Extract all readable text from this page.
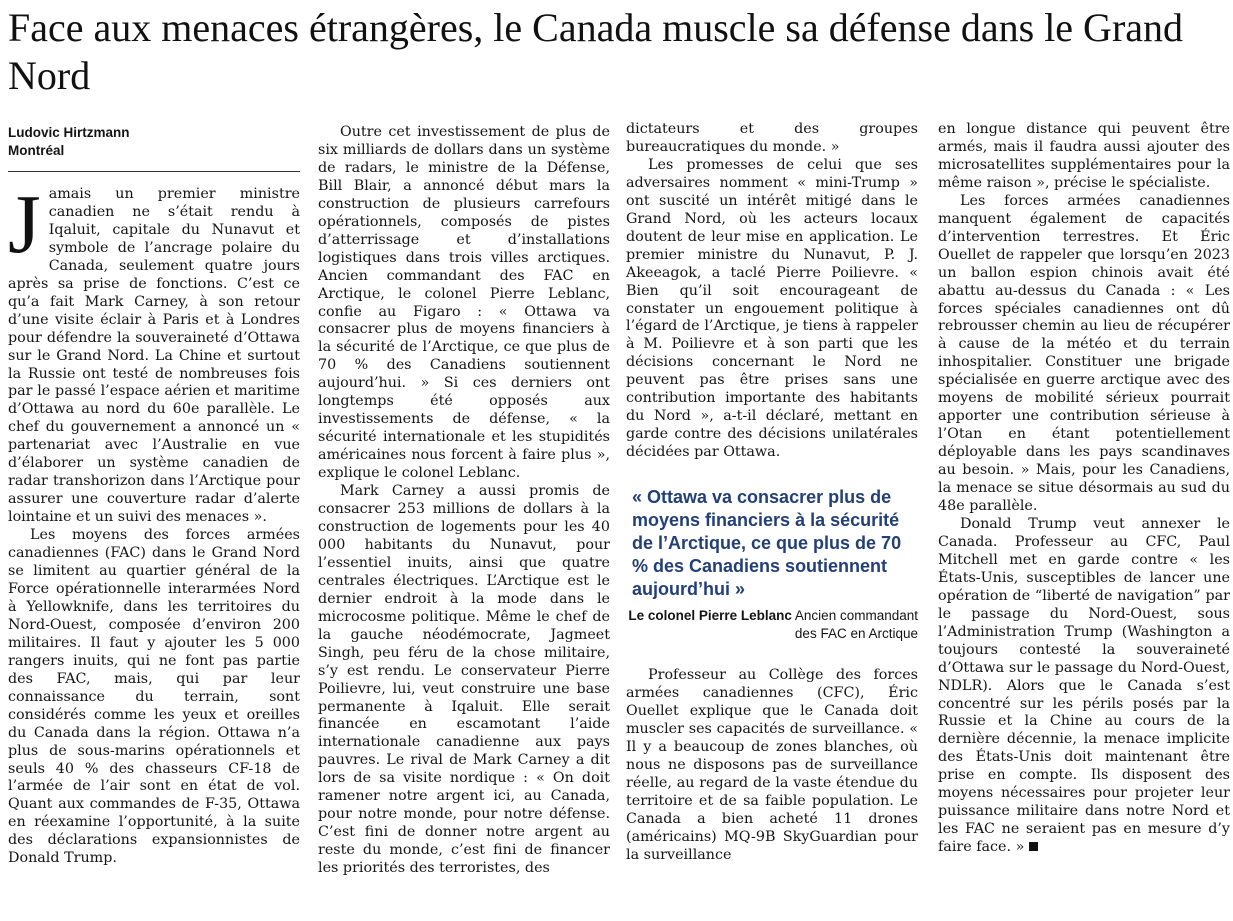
Face aux menaces étrangères, le Canada muscle sa défense dans le Grand Nord
Ludovic Hirtzmann
Montréal

Jamais un premier ministre canadien ne s’était rendu à Iqaluit, capitale du Nunavut et symbole de l’ancrage polaire du Canada, seulement quatre jours après sa prise de fonctions. C’est ce qu’a fait Mark Carney, à son retour d’une visite éclair à Paris et à Londres pour défendre la souveraineté d’Ottawa sur le Grand Nord. La Chine et surtout la Russie ont testé de nombreuses fois par le passé l’espace aérien et maritime d’Ottawa au nord du 60e parallèle. Le chef du gouvernement a annoncé un « partenariat avec l’Australie en vue d’élaborer un système canadien de radar transhorizon dans l’Arctique pour assurer une couverture radar d’alerte lointaine et un suivi des menaces ».

Les moyens des forces armées canadiennes (FAC) dans le Grand Nord se limitent au quartier général de la Force opérationnelle interarmées Nord à Yellowknife, dans les territoires du Nord-Ouest, composée d’environ 200 militaires. Il faut y ajouter les 5 000 rangers inuits, qui ne font pas partie des FAC, mais, qui par leur connaissance du terrain, sont considérés comme les yeux et oreilles du Canada dans la région. Ottawa n’a plus de sous-marins opérationnels et seuls 40 % des chasseurs CF-18 de l’armée de l’air sont en état de vol. Quant aux commandes de F-35, Ottawa en réexamine l’opportunité, à la suite des déclarations expansionnistes de Donald Trump.

Outre cet investissement de plus de six milliards de dollars dans un système de radars, le ministre de la Défense, Bill Blair, a annoncé début mars la construction de plusieurs carrefours opérationnels, composés de pistes d’atterrissage et d’installations logistiques dans trois villes arctiques. Ancien commandant des FAC en Arctique, le colonel Pierre Leblanc, confie au Figaro : « Ottawa va consacrer plus de moyens financiers à la sécurité de l’Arctique, ce que plus de 70 % des Canadiens soutiennent aujourd’hui. » Si ces derniers ont longtemps été opposés aux investissements de défense, « la sécurité internationale et les stupidités américaines nous forcent à faire plus », explique le colonel Leblanc.

Mark Carney a aussi promis de consacrer 253 millions de dollars à la construction de logements pour les 40 000 habitants du Nunavut, pour l’essentiel inuits, ainsi que quatre centrales électriques. L’Arctique est le dernier endroit à la mode dans le microcosme politique. Même le chef de la gauche néodémocrate, Jagmeet Singh, peu féru de la chose militaire, s’y est rendu. Le conservateur Pierre Poilievre, lui, veut construire une base permanente à Iqaluit. Elle serait financée en escamotant l’aide internationale canadienne aux pays pauvres. Le rival de Mark Carney a dit lors de sa visite nordique : « On doit ramener notre argent ici, au Canada, pour notre monde, pour notre défense. C’est fini de donner notre argent au reste du monde, c’est fini de financer les priorités des terroristes, des

dictateurs et des groupes bureaucratiques du monde. »

Les promesses de celui que ses adversaires nomment « mini-Trump » ont suscité un intérêt mitigé dans le Grand Nord, où les acteurs locaux doutent de leur mise en application. Le premier ministre du Nunavut, P. J. Akeeagok, a taclé Pierre Poilievre. « Bien qu’il soit encourageant de constater un engouement politique à l’égard de l’Arctique, je tiens à rappeler à M. Poilievre et à son parti que les décisions concernant le Nord ne peuvent pas être prises sans une contribution importante des habitants du Nord », a-t-il déclaré, mettant en garde contre des décisions unilatérales décidées par Ottawa.

« Ottawa va consacrer plus de moyens financiers à la sécurité de l’Arctique, ce que plus de 70 % des Canadiens soutiennent aujourd’hui »
Le colonel Pierre Leblanc Ancien commandant des FAC en Arctique

Professeur au Collège des forces armées canadiennes (CFC), Éric Ouellet explique que le Canada doit muscler ses capacités de surveillance. « Il y a beaucoup de zones blanches, où nous ne disposons pas de surveillance réelle, au regard de la vaste étendue du territoire et de sa faible population. Le Canada a bien acheté 11 drones (américains) MQ-9B SkyGuardian pour la surveillance

en longue distance qui peuvent être armés, mais il faudra aussi ajouter des microsatellites supplémentaires pour la même raison », précise le spécialiste.

Les forces armées canadiennes manquent également de capacités d’intervention terrestres. Et Éric Ouellet de rappeler que lorsqu’en 2023 un ballon espion chinois avait été abattu au-dessus du Canada : « Les forces spéciales canadiennes ont dû rebrousser chemin au lieu de récupérer à cause de la météo et du terrain inhospitalier. Constituer une brigade spécialisée en guerre arctique avec des moyens de mobilité sérieux pourrait apporter une contribution sérieuse à l’Otan en étant potentiellement déployable dans les pays scandinaves au besoin. » Mais, pour les Canadiens, la menace se situe désormais au sud du 48e parallèle.

Donald Trump veut annexer le Canada. Professeur au CFC, Paul Mitchell met en garde contre « les États-Unis, susceptibles de lancer une opération de “liberté de navigation” par le passage du Nord-Ouest, sous l’Administration Trump (Washington a toujours contesté la souveraineté d’Ottawa sur le passage du Nord-Ouest, NDLR). Alors que le Canada s’est concentré sur les périls posés par la Russie et la Chine au cours de la dernière décennie, la menace implicite des États-Unis doit maintenant être prise en compte. Ils disposent des moyens nécessaires pour projeter leur puissance militaire dans notre Nord et les FAC ne seraient pas en mesure d’y faire face. »
